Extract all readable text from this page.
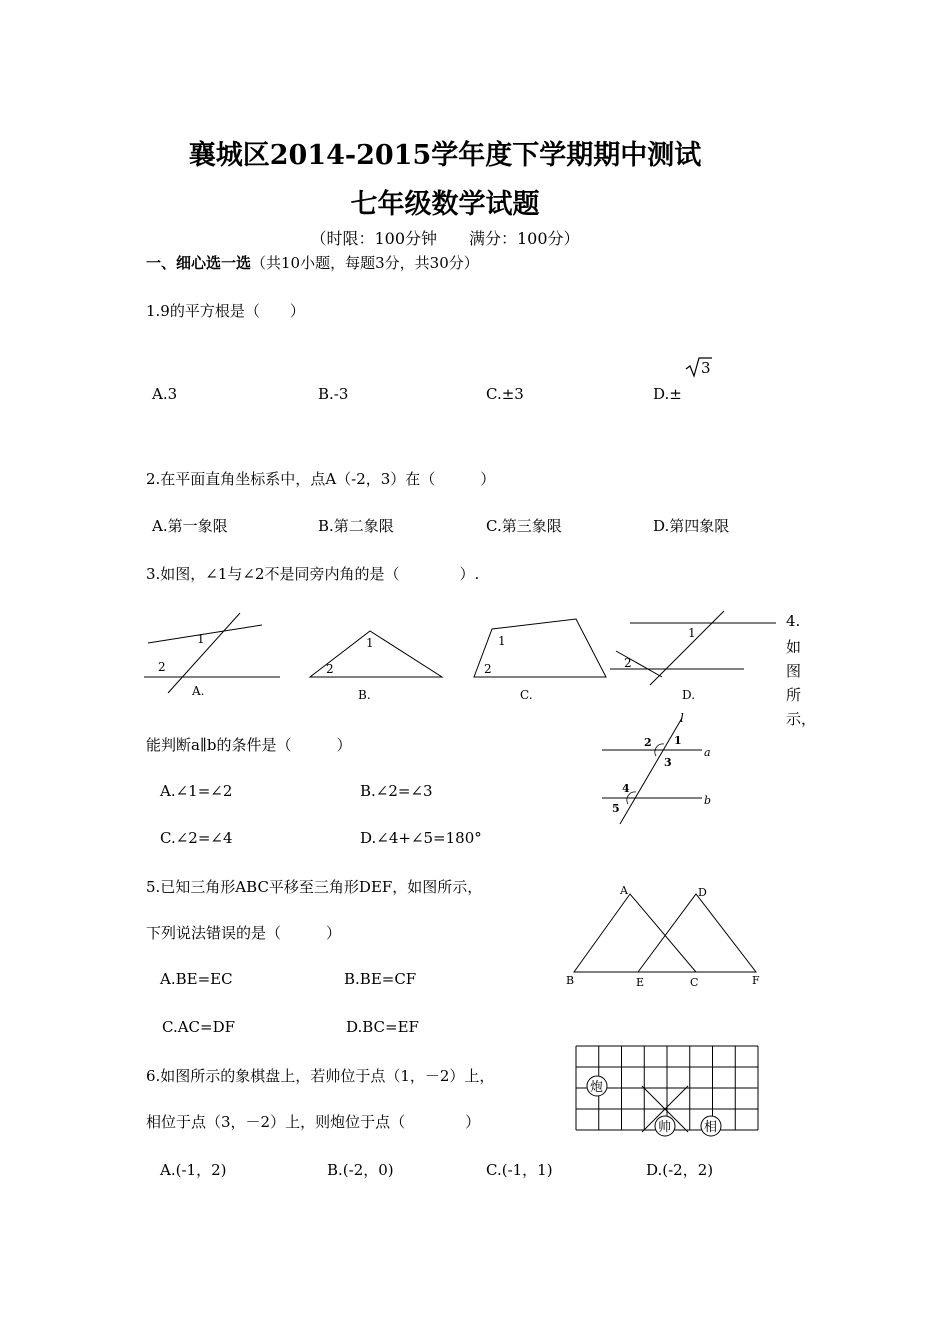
襄城区2014-2015学年度下学期期中测试
七年级数学试题
（时限：100分钟　　满分：100分）
一、细心选一选（共10小题，每题3分，共30分）
1.9的平方根是（　　）
A.3	B.-3	C.±3	D.±
3
2.在平面直角坐标系中，点A（-2，3）在（　　　）
A.第一象限	B.第二象限	C.第三象限	D.第四象限
3.如图，∠1与∠2不是同旁内角的是（　　　　）.
1
2
A.
1
2
B.
1
2
C.
1
2
D.
4.
如
图
所
示，
能判断a∥b的条件是（　　　）
A.∠1=∠2	B.∠2=∠3
C.∠2=∠4	D.∠4+∠5=180°
l
a
b
1
2
3
4
5
5.已知三角形ABC平移至三角形DEF，如图所示，
下列说法错误的是（　　　）
A.BE=EC	B.BE=CF
C.AC=DF	D.BC=EF
A	D
B	E	C	F
6.如图所示的象棋盘上，若帅位于点（1，－2）上，
相位于点（3，－2）上，则炮位于点（　　　　）
A.(-1，2)	B.(-2，0)	C.(-1，1)	D.(-2，2)
炮
帅	相
